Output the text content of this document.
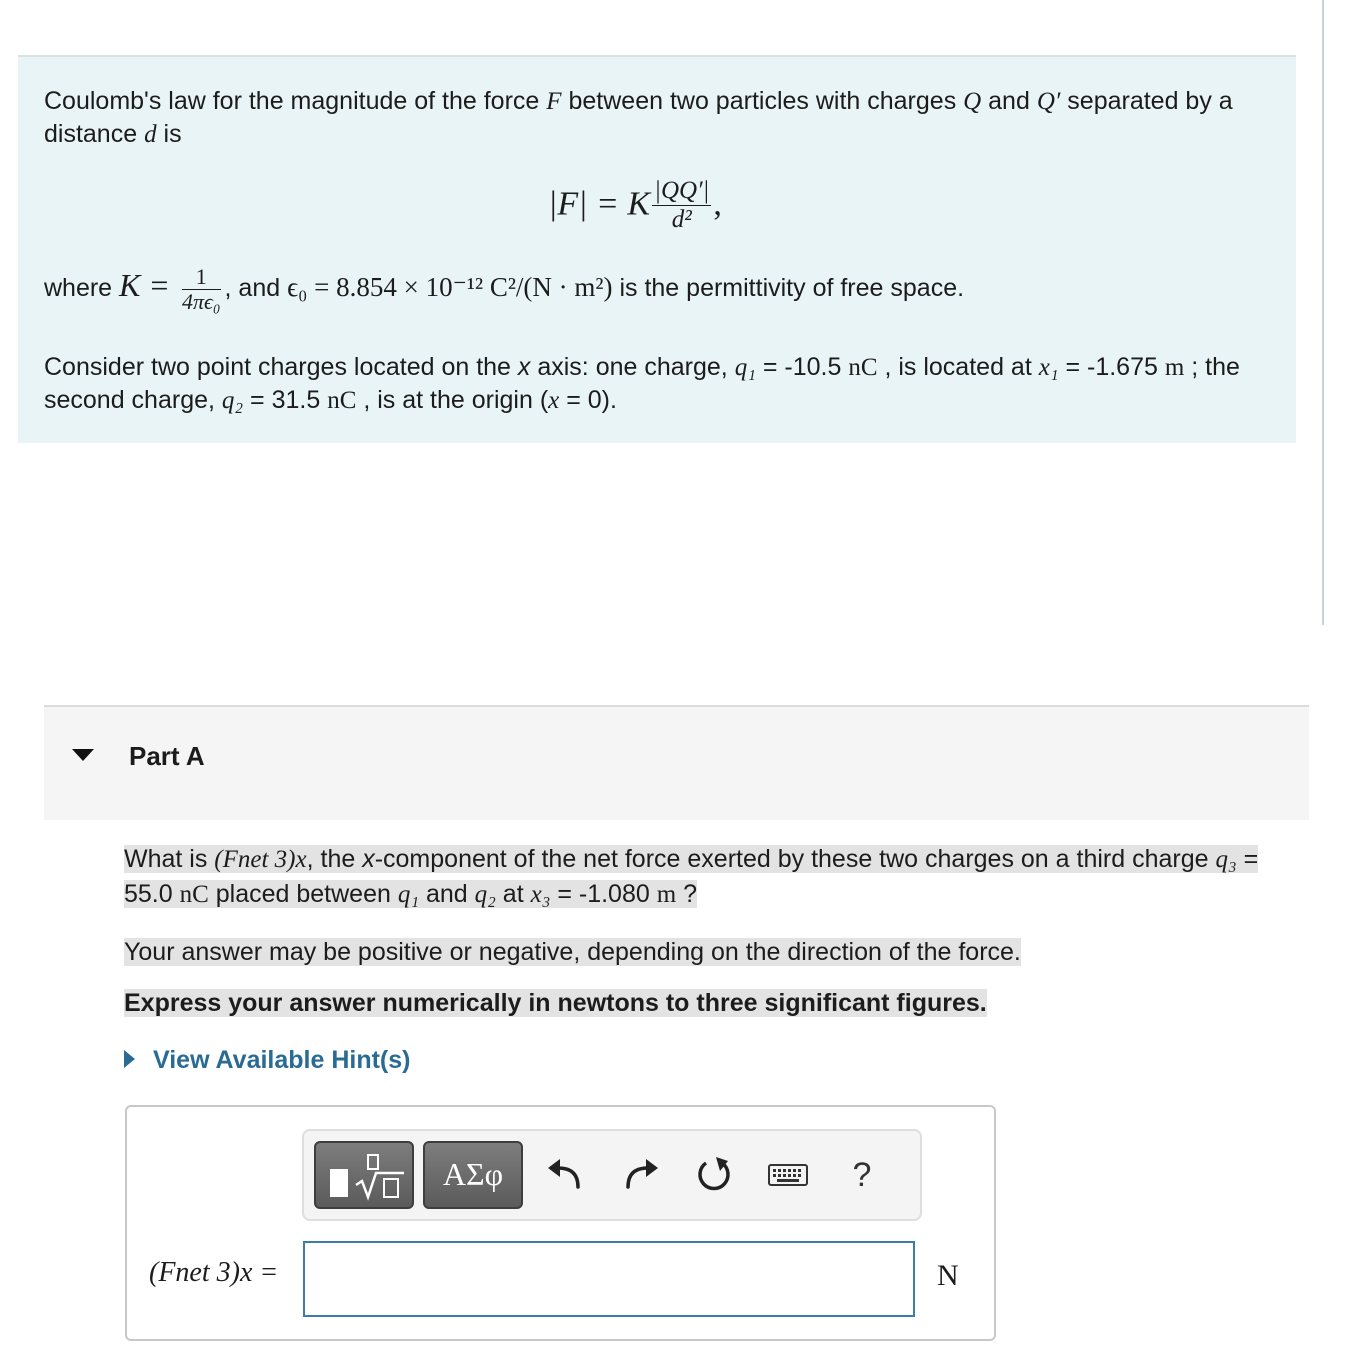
Coulomb's law for the magnitude of the force F between two particles with charges Q and Q′ separated by a distance d is
|F| = K $\frac{|QQ'|}{\text{d²}}$ ,
where $K = \frac{1}{\text{4πϵ₀}}$ , and ϵ₀ = 8.854 × 10⁻¹² C²/(N · m²) is the permittivity of free space.
Consider two point charges located on the x axis: one charge, q₁ = -10.5 nC , is located at x₁ = -1.675 m ; the second charge, q₂ = 31.5 nC , is at the origin (x = 0).
Part A
What is (Fnet 3)x, the x-component of the net force exerted by these two charges on a third charge q₃ = 55.0 nC placed between q₁ and q₂ at x₃ = -1.080 m ?
Your answer may be positive or negative, depending on the direction of the force.
Express your answer numerically in newtons to three significant figures.
View Available Hint(s)
ΑΣφ	?
(Fnet 3)x =	N
